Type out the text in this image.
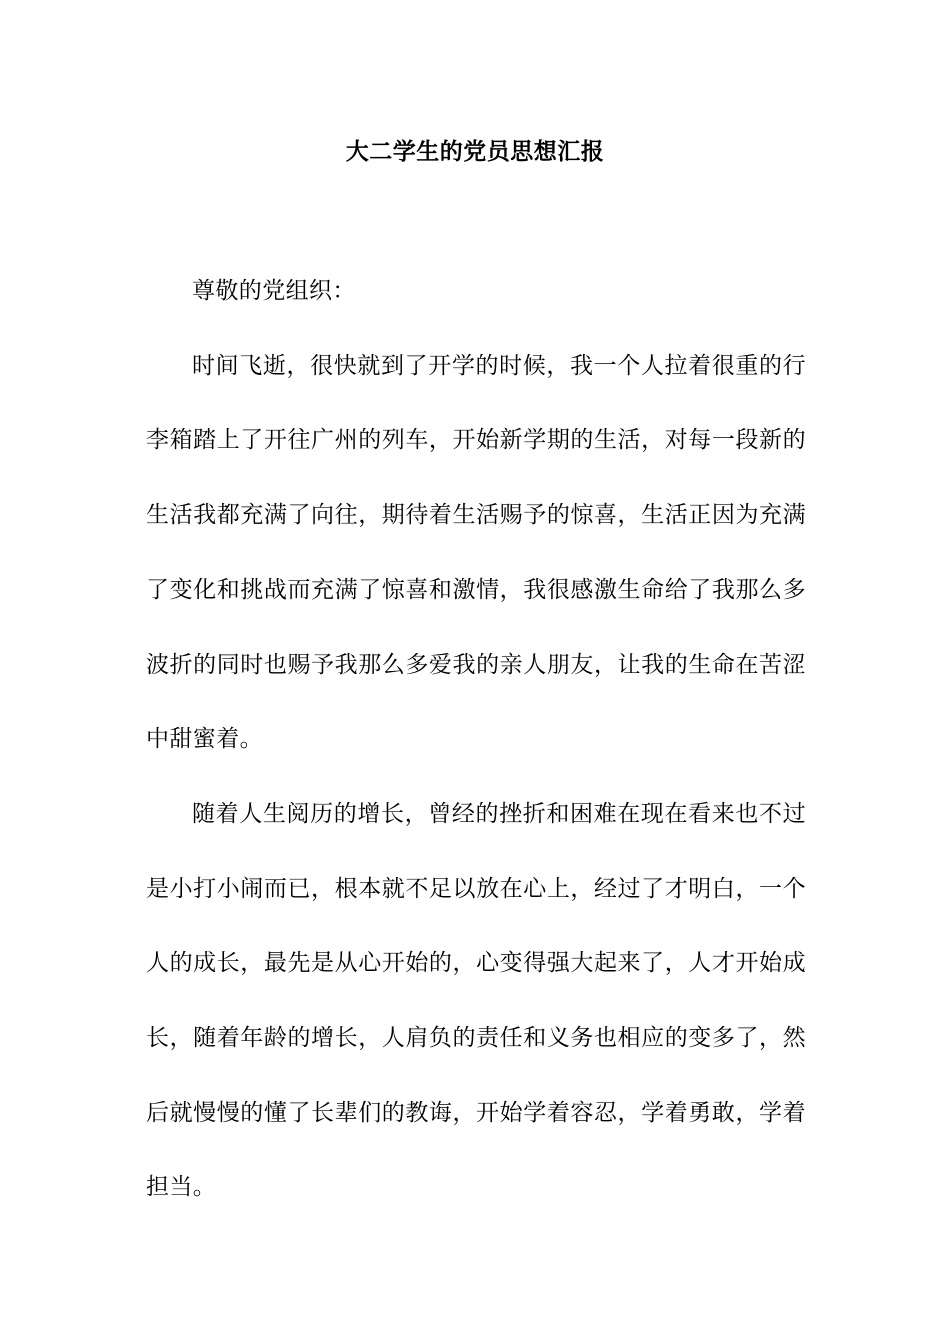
大二学生的党员思想汇报

尊敬的党组织：

时间飞逝，很快就到了开学的时候，我一个人拉着很重的行李箱踏上了开往广州的列车，开始新学期的生活，对每一段新的生活我都充满了向往，期待着生活赐予的惊喜，生活正因为充满了变化和挑战而充满了惊喜和激情，我很感激生命给了我那么多波折的同时也赐予我那么多爱我的亲人朋友，让我的生命在苦涩中甜蜜着。

随着人生阅历的增长，曾经的挫折和困难在现在看来也不过是小打小闹而已，根本就不足以放在心上，经过了才明白，一个人的成长，最先是从心开始的，心变得强大起来了，人才开始成长，随着年龄的增长，人肩负的责任和义务也相应的变多了，然后就慢慢的懂了长辈们的教诲，开始学着容忍，学着勇敢，学着担当。
